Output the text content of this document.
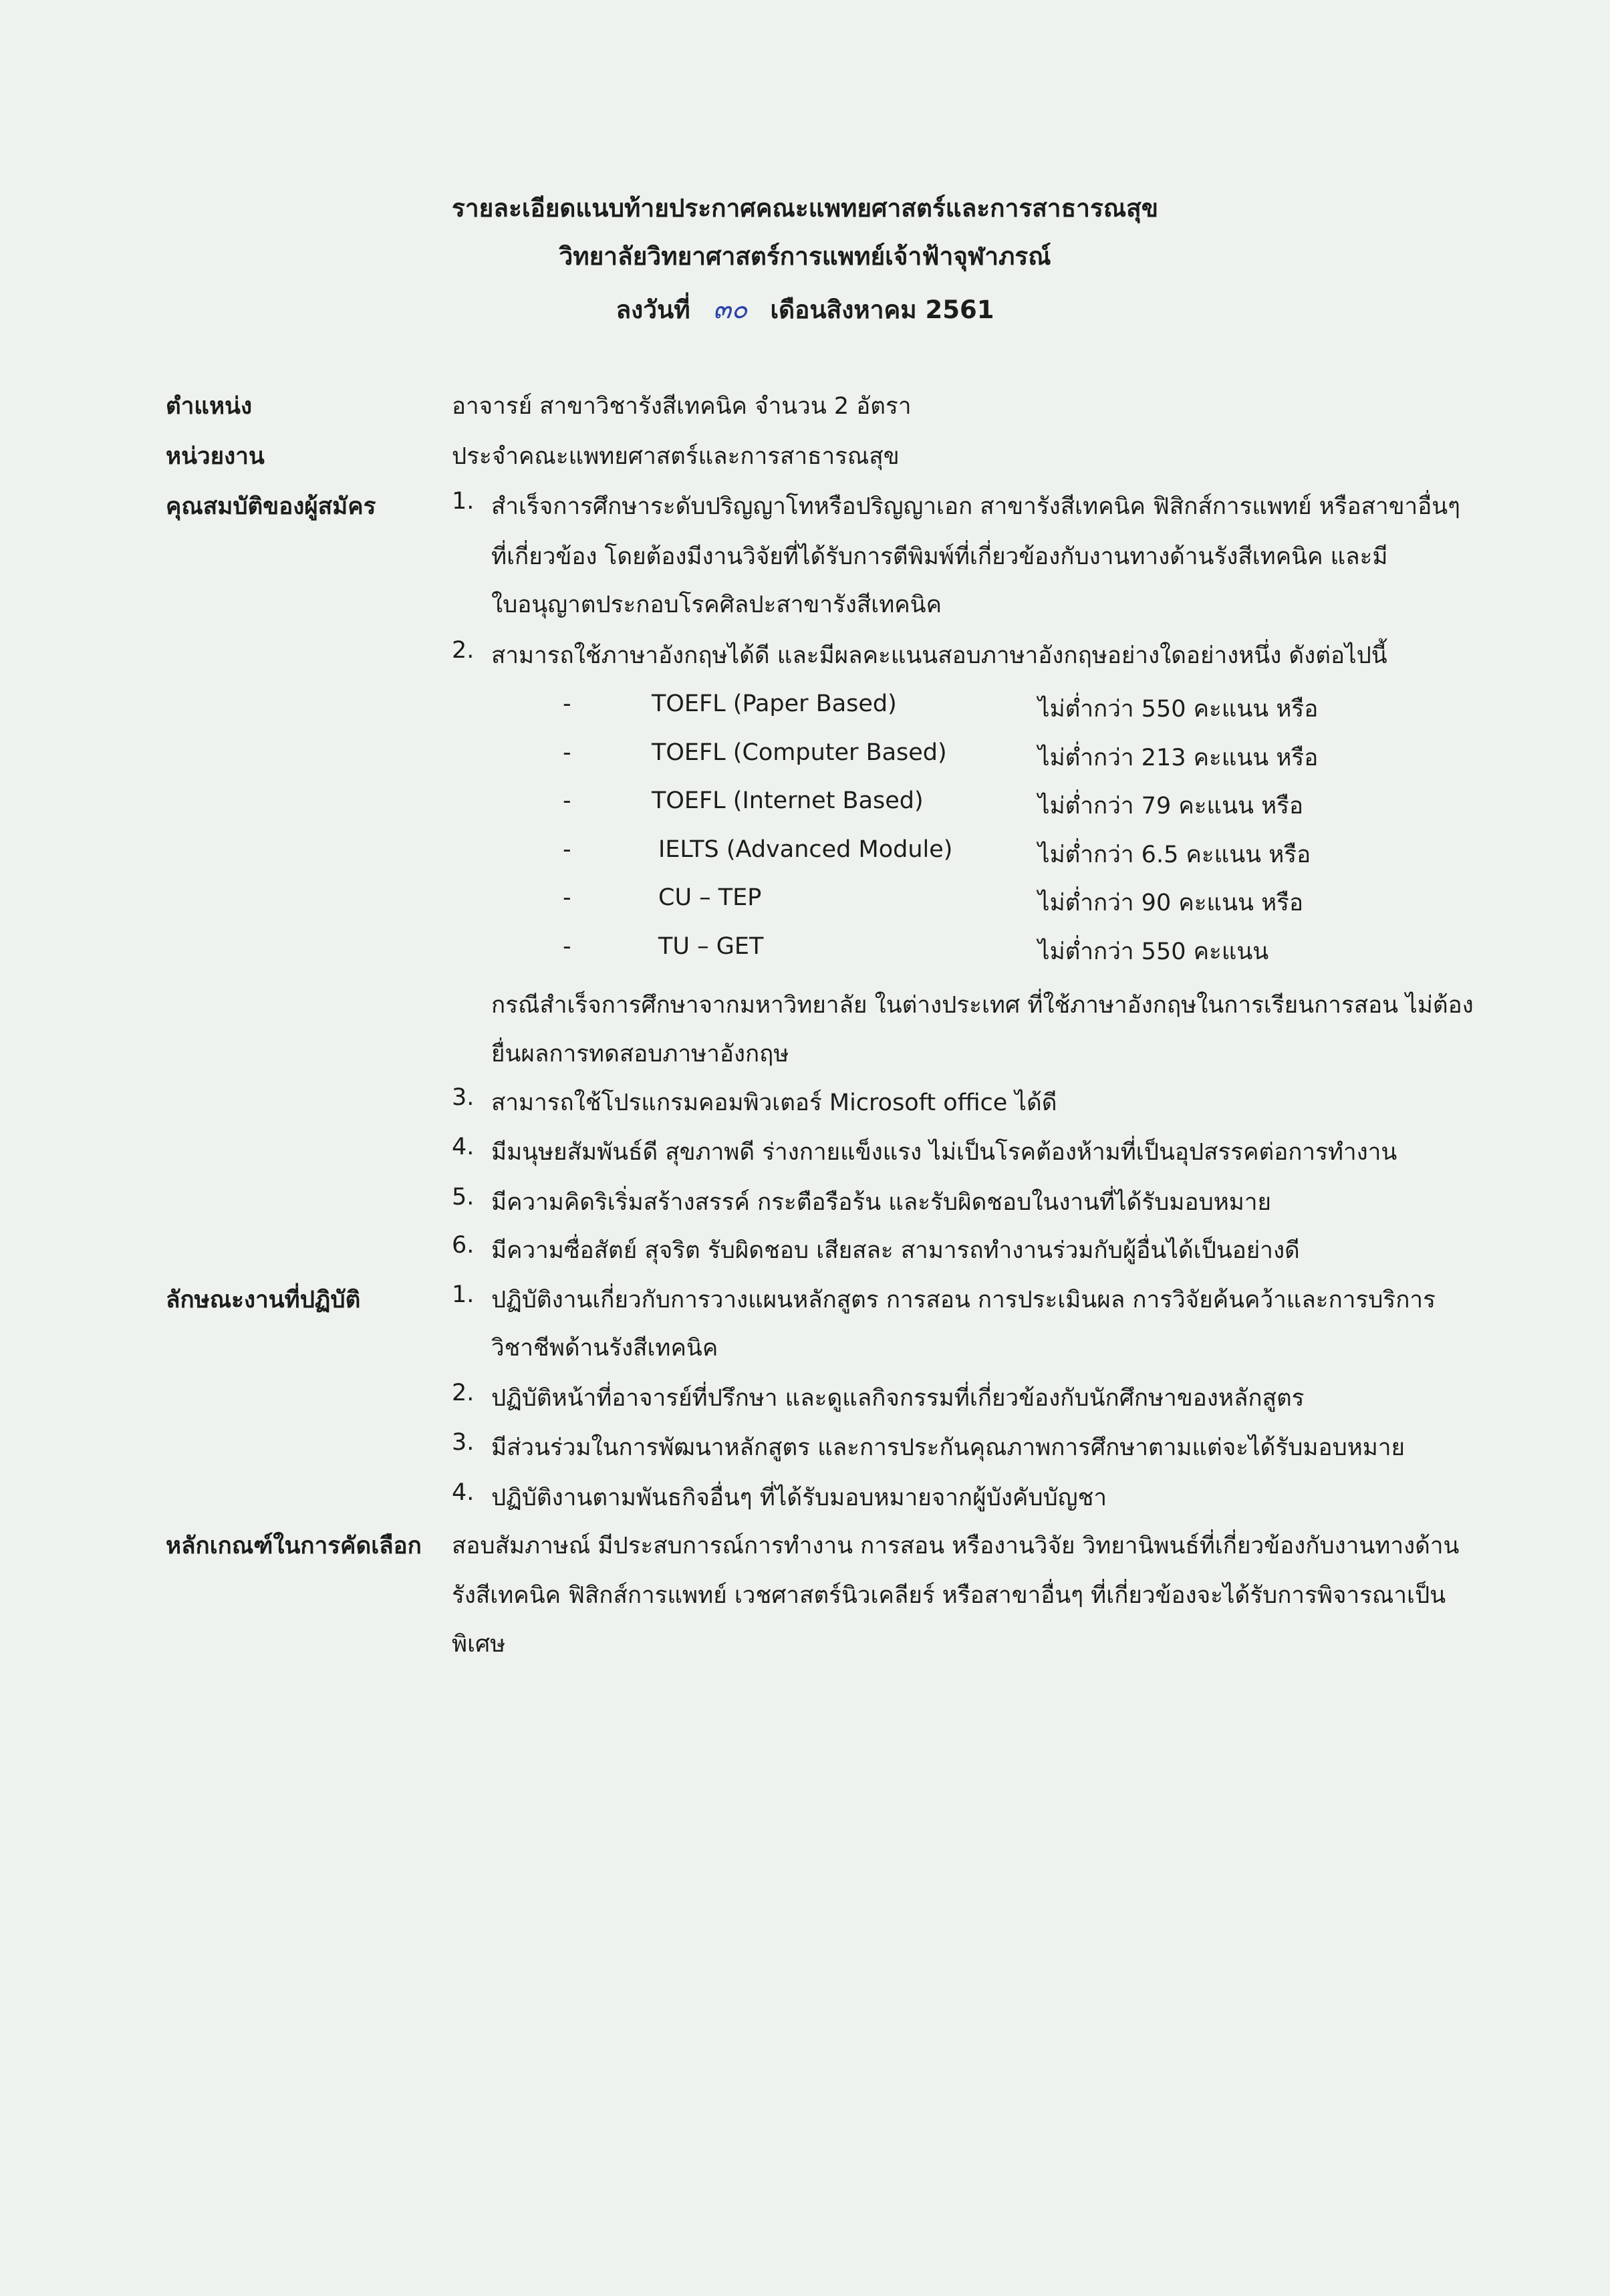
รายละเอียดแนบท้ายประกาศคณะแพทยศาสตร์และการสาธารณสุข
วิทยาลัยวิทยาศาสตร์การแพทย์เจ้าฟ้าจุฬาภรณ์
ลงวันที่ ๓๐ เดือนสิงหาคม 2561
ตำแหน่ง	อาจารย์ สาขาวิชารังสีเทคนิค จำนวน 2 อัตรา
หน่วยงาน	ประจำคณะแพทยศาสตร์และการสาธารณสุข
คุณสมบัติของผู้สมัคร	1. สำเร็จการศึกษาระดับปริญญาโทหรือปริญญาเอก สาขารังสีเทคนิค ฟิสิกส์การแพทย์ หรือสาขาอื่นๆ
ที่เกี่ยวข้อง โดยต้องมีงานวิจัยที่ได้รับการตีพิมพ์ที่เกี่ยวข้องกับงานทางด้านรังสีเทคนิค และมี
ใบอนุญาตประกอบโรคศิลปะสาขารังสีเทคนิค
2. สามารถใช้ภาษาอังกฤษได้ดี และมีผลคะแนนสอบภาษาอังกฤษอย่างใดอย่างหนึ่ง ดังต่อไปนี้
-	TOEFL (Paper Based)	ไม่ต่ำกว่า 550 คะแนน หรือ
-	TOEFL (Computer Based)	ไม่ต่ำกว่า 213 คะแนน หรือ
-	TOEFL (Internet Based)	ไม่ต่ำกว่า 79 คะแนน หรือ
-	IELTS (Advanced Module)	ไม่ต่ำกว่า 6.5 คะแนน หรือ
-	CU – TEP	ไม่ต่ำกว่า 90 คะแนน หรือ
-	TU – GET	ไม่ต่ำกว่า 550 คะแนน
กรณีสำเร็จการศึกษาจากมหาวิทยาลัย ในต่างประเทศ ที่ใช้ภาษาอังกฤษในการเรียนการสอน ไม่ต้อง
ยื่นผลการทดสอบภาษาอังกฤษ
3. สามารถใช้โปรแกรมคอมพิวเตอร์ Microsoft office ได้ดี
4. มีมนุษยสัมพันธ์ดี สุขภาพดี ร่างกายแข็งแรง ไม่เป็นโรคต้องห้ามที่เป็นอุปสรรคต่อการทำงาน
5. มีความคิดริเริ่มสร้างสรรค์ กระตือรือร้น และรับผิดชอบในงานที่ได้รับมอบหมาย
6. มีความซื่อสัตย์ สุจริต รับผิดชอบ เสียสละ สามารถทำงานร่วมกับผู้อื่นได้เป็นอย่างดี
ลักษณะงานที่ปฏิบัติ	1. ปฏิบัติงานเกี่ยวกับการวางแผนหลักสูตร การสอน การประเมินผล การวิจัยค้นคว้าและการบริการ
วิชาชีพด้านรังสีเทคนิค
2. ปฏิบัติหน้าที่อาจารย์ที่ปรึกษา และดูแลกิจกรรมที่เกี่ยวข้องกับนักศึกษาของหลักสูตร
3. มีส่วนร่วมในการพัฒนาหลักสูตร และการประกันคุณภาพการศึกษาตามแต่จะได้รับมอบหมาย
4. ปฏิบัติงานตามพันธกิจอื่นๆ ที่ได้รับมอบหมายจากผู้บังคับบัญชา
หลักเกณฑ์ในการคัดเลือก สอบสัมภาษณ์ มีประสบการณ์การทำงาน การสอน หรืองานวิจัย วิทยานิพนธ์ที่เกี่ยวข้องกับงานทางด้าน
รังสีเทคนิค ฟิสิกส์การแพทย์ เวชศาสตร์นิวเคลียร์ หรือสาขาอื่นๆ ที่เกี่ยวข้องจะได้รับการพิจารณาเป็น
พิเศษ
